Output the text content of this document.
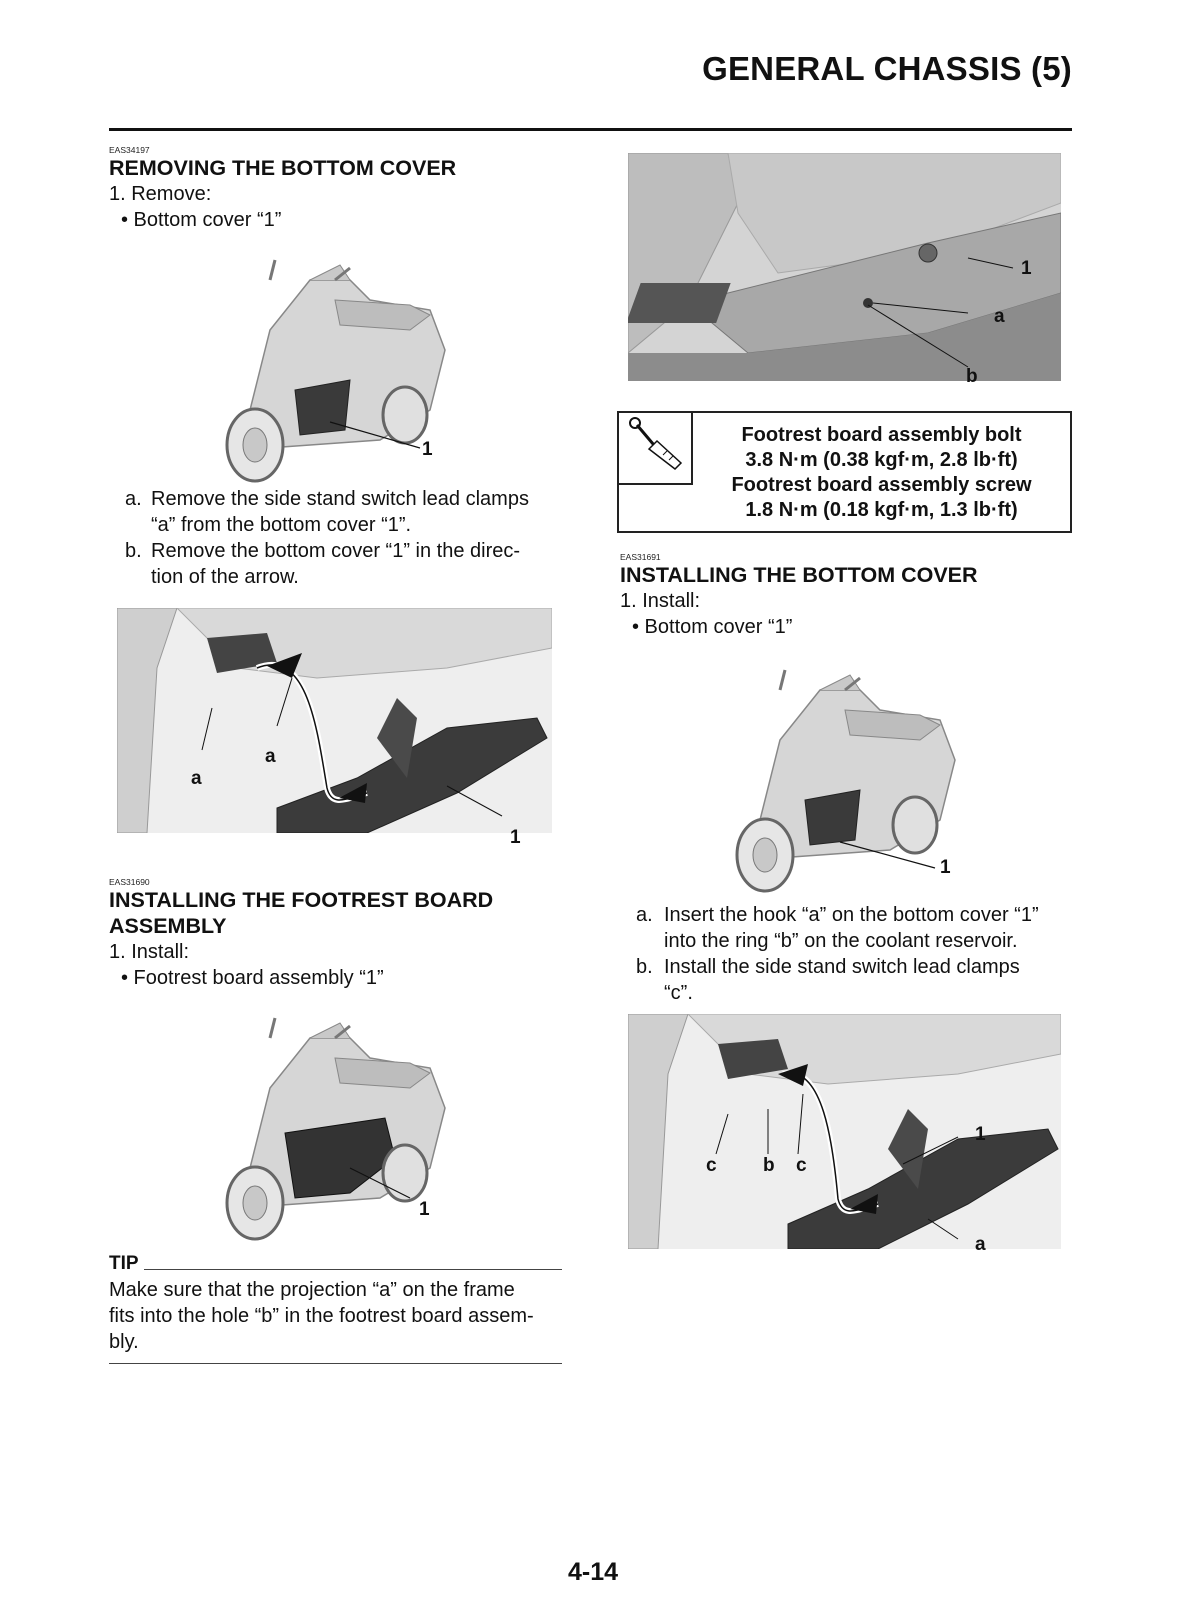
GENERAL CHASSIS (5)
EAS34197
REMOVING THE BOTTOM COVER
1. Remove:
• Bottom cover “1”
1
a. Remove the side stand switch lead clamps
“a” from the bottom cover “1”.
b. Remove the bottom cover “1” in the direc-
tion of the arrow.
a
a
1
EAS31690
INSTALLING THE FOOTREST BOARD
ASSEMBLY
1. Install:
• Footrest board assembly “1”
1
TIP
Make sure that the projection “a” on the frame
fits into the hole “b” in the footrest board assem-
bly.
1
a
b
Footrest board assembly bolt
3.8 N·m (0.38 kgf·m, 2.8 lb·ft)
Footrest board assembly screw
1.8 N·m (0.18 kgf·m, 1.3 lb·ft)
EAS31691
INSTALLING THE BOTTOM COVER
1. Install:
• Bottom cover “1”
1
a. Insert the hook “a” on the bottom cover “1”
into the ring “b” on the coolant reservoir.
b. Install the side stand switch lead clamps
“c”.
c b c
1
a
4-14
